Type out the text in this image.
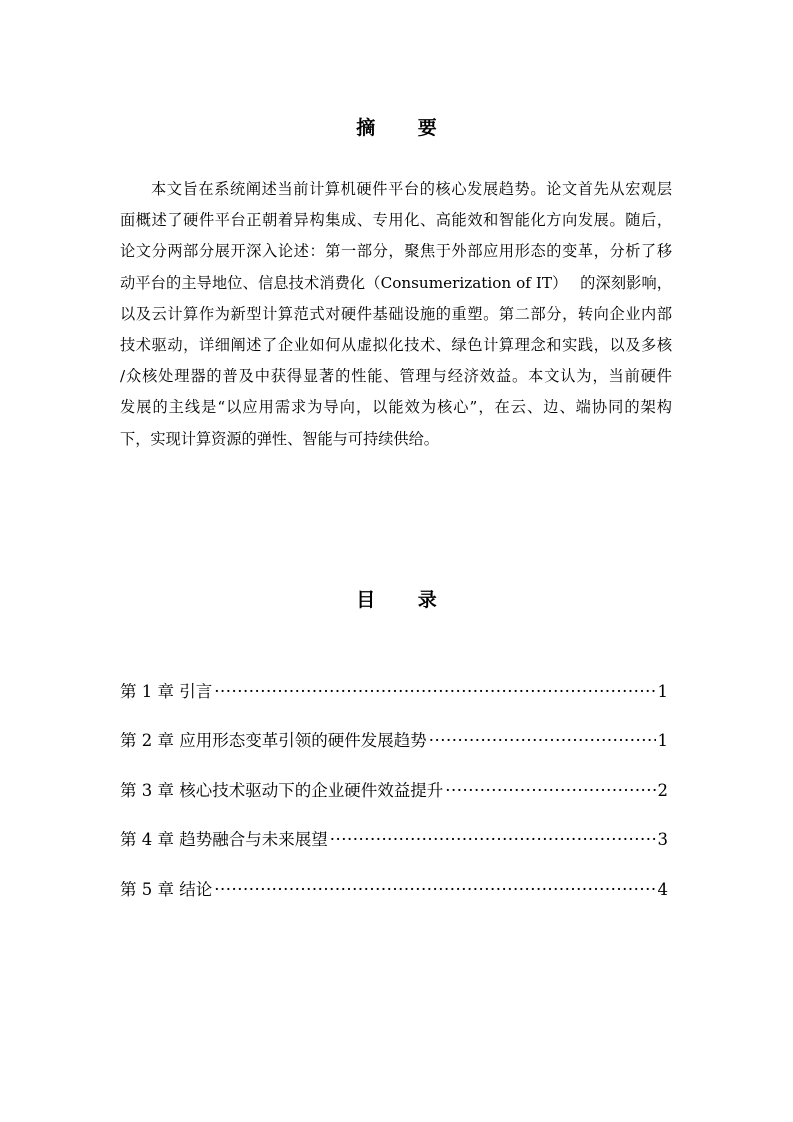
摘 要
本文旨在系统阐述当前计算机硬件平台的核心发展趋势。论文首先从宏观层
面概述了硬件平台正朝着异构集成、专用化、高能效和智能化方向发展。随后，
论文分两部分展开深入论述：第一部分，聚焦于外部应用形态的变革，分析了移
动平台的主导地位、信息技术消费化（Consumerization of IT）　 的深刻影响，
以及云计算作为新型计算范式对硬件基础设施的重塑。第二部分，转向企业内部
技术驱动，详细阐述了企业如何从虚拟化技术、绿色计算理念和实践，以及多核
/众核处理器的普及中获得显著的性能、管理与经济效益。本文认为，当前硬件
发展的主线是“以应用需求为导向，以能效为核心”，在云、边、端协同的架构
下，实现计算资源的弹性、智能与可持续供给。
目 录
第 1 章 引言 ·····	1
第 2 章 应用形态变革引领的硬件发展趋势 ·····	1
第 3 章 核心技术驱动下的企业硬件效益提升 ·····	2
第 4 章 趋势融合与未来展望 ·····	3
第 5 章 结论 ·····	4
